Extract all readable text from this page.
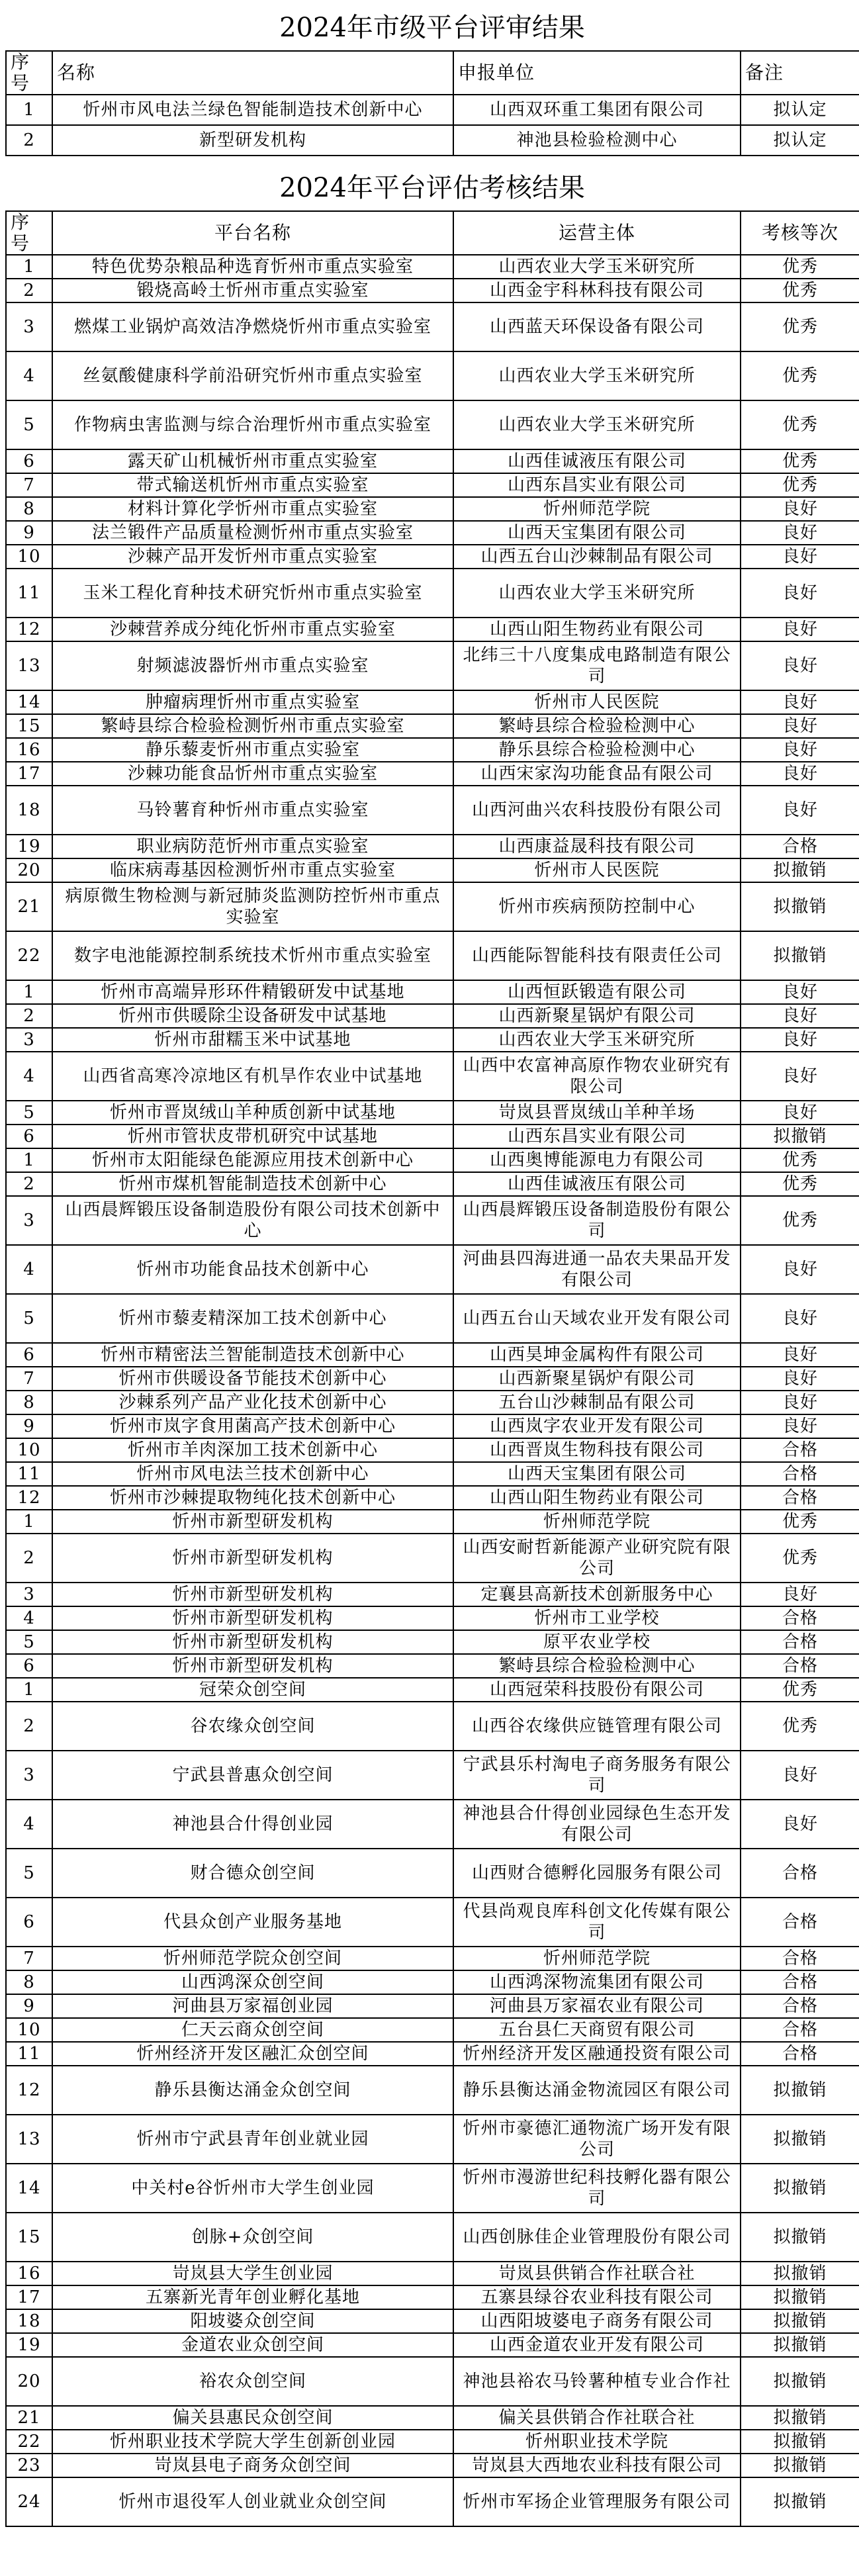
2024年市级平台评审结果
序号	名称	申报单位	备注
1	忻州市风电法兰绿色智能制造技术创新中心	山西双环重工集团有限公司	拟认定
2	新型研发机构	神池县检验检测中心	拟认定
2024年平台评估考核结果
序号	平台名称	运营主体	考核等次
1	特色优势杂粮品种选育忻州市重点实验室	山西农业大学玉米研究所	优秀
2	锻烧高岭土忻州市重点实验室	山西金宇科林科技有限公司	优秀
3	燃煤工业锅炉高效洁净燃烧忻州市重点实验室	山西蓝天环保设备有限公司	优秀
4	丝氨酸健康科学前沿研究忻州市重点实验室	山西农业大学玉米研究所	优秀
5	作物病虫害监测与综合治理忻州市重点实验室	山西农业大学玉米研究所	优秀
6	露天矿山机械忻州市重点实验室	山西佳诚液压有限公司	优秀
7	带式输送机忻州市重点实验室	山西东昌实业有限公司	优秀
8	材料计算化学忻州市重点实验室	忻州师范学院	良好
9	法兰锻件产品质量检测忻州市重点实验室	山西天宝集团有限公司	良好
10	沙棘产品开发忻州市重点实验室	山西五台山沙棘制品有限公司	良好
11	玉米工程化育种技术研究忻州市重点实验室	山西农业大学玉米研究所	良好
12	沙棘营养成分纯化忻州市重点实验室	山西山阳生物药业有限公司	良好
13	射频滤波器忻州市重点实验室	北纬三十八度集成电路制造有限公司	良好
14	肿瘤病理忻州市重点实验室	忻州市人民医院	良好
15	繁峙县综合检验检测忻州市重点实验室	繁峙县综合检验检测中心	良好
16	静乐藜麦忻州市重点实验室	静乐县综合检验检测中心	良好
17	沙棘功能食品忻州市重点实验室	山西宋家沟功能食品有限公司	良好
18	马铃薯育种忻州市重点实验室	山西河曲兴农科技股份有限公司	良好
19	职业病防范忻州市重点实验室	山西康益晟科技有限公司	合格
20	临床病毒基因检测忻州市重点实验室	忻州市人民医院	拟撤销
21	病原微生物检测与新冠肺炎监测防控忻州市重点实验室	忻州市疾病预防控制中心	拟撤销
22	数字电池能源控制系统技术忻州市重点实验室	山西能际智能科技有限责任公司	拟撤销
1	忻州市高端异形环件精锻研发中试基地	山西恒跃锻造有限公司	良好
2	忻州市供暖除尘设备研发中试基地	山西新聚星锅炉有限公司	良好
3	忻州市甜糯玉米中试基地	山西农业大学玉米研究所	良好
4	山西省高寒冷凉地区有机旱作农业中试基地	山西中农富神高原作物农业研究有限公司	良好
5	忻州市晋岚绒山羊种质创新中试基地	岢岚县晋岚绒山羊种羊场	良好
6	忻州市管状皮带机研究中试基地	山西东昌实业有限公司	拟撤销
1	忻州市太阳能绿色能源应用技术创新中心	山西奥博能源电力有限公司	优秀
2	忻州市煤机智能制造技术创新中心	山西佳诚液压有限公司	优秀
3	山西晨辉锻压设备制造股份有限公司技术创新中心	山西晨辉锻压设备制造股份有限公司	优秀
4	忻州市功能食品技术创新中心	河曲县四海进通一品农夫果品开发有限公司	良好
5	忻州市藜麦精深加工技术创新中心	山西五台山天域农业开发有限公司	良好
6	忻州市精密法兰智能制造技术创新中心	山西昊坤金属构件有限公司	良好
7	忻州市供暖设备节能技术创新中心	山西新聚星锅炉有限公司	良好
8	沙棘系列产品产业化技术创新中心	五台山沙棘制品有限公司	良好
9	忻州市岚字食用菌高产技术创新中心	山西岚字农业开发有限公司	良好
10	忻州市羊肉深加工技术创新中心	山西晋岚生物科技有限公司	合格
11	忻州市风电法兰技术创新中心	山西天宝集团有限公司	合格
12	忻州市沙棘提取物纯化技术创新中心	山西山阳生物药业有限公司	合格
1	忻州市新型研发机构	忻州师范学院	优秀
2	忻州市新型研发机构	山西安耐哲新能源产业研究院有限公司	优秀
3	忻州市新型研发机构	定襄县高新技术创新服务中心	良好
4	忻州市新型研发机构	忻州市工业学校	合格
5	忻州市新型研发机构	原平农业学校	合格
6	忻州市新型研发机构	繁峙县综合检验检测中心	合格
1	冠荣众创空间	山西冠荣科技股份有限公司	优秀
2	谷农缘众创空间	山西谷农缘供应链管理有限公司	优秀
3	宁武县普惠众创空间	宁武县乐村淘电子商务服务有限公司	良好
4	神池县合什得创业园	神池县合什得创业园绿色生态开发有限公司	良好
5	财合德众创空间	山西财合德孵化园服务有限公司	合格
6	代县众创产业服务基地	代县尚观良库科创文化传媒有限公司	合格
7	忻州师范学院众创空间	忻州师范学院	合格
8	山西鸿深众创空间	山西鸿深物流集团有限公司	合格
9	河曲县万家福创业园	河曲县万家福农业有限公司	合格
10	仁天云商众创空间	五台县仁天商贸有限公司	合格
11	忻州经济开发区融汇众创空间	忻州经济开发区融通投资有限公司	合格
12	静乐县衡达涌金众创空间	静乐县衡达涌金物流园区有限公司	拟撤销
13	忻州市宁武县青年创业就业园	忻州市豪德汇通物流广场开发有限公司	拟撤销
14	中关村e谷忻州市大学生创业园	忻州市漫游世纪科技孵化器有限公司	拟撤销
15	创脉+众创空间	山西创脉佳企业管理股份有限公司	拟撤销
16	岢岚县大学生创业园	岢岚县供销合作社联合社	拟撤销
17	五寨新光青年创业孵化基地	五寨县绿谷农业科技有限公司	拟撤销
18	阳坡婆众创空间	山西阳坡婆电子商务有限公司	拟撤销
19	金道农业众创空间	山西金道农业开发有限公司	拟撤销
20	裕农众创空间	神池县裕农马铃薯种植专业合作社	拟撤销
21	偏关县惠民众创空间	偏关县供销合作社联合社	拟撤销
22	忻州职业技术学院大学生创新创业园	忻州职业技术学院	拟撤销
23	岢岚县电子商务众创空间	岢岚县大西地农业科技有限公司	拟撤销
24	忻州市退役军人创业就业众创空间	忻州市军扬企业管理服务有限公司	拟撤销
